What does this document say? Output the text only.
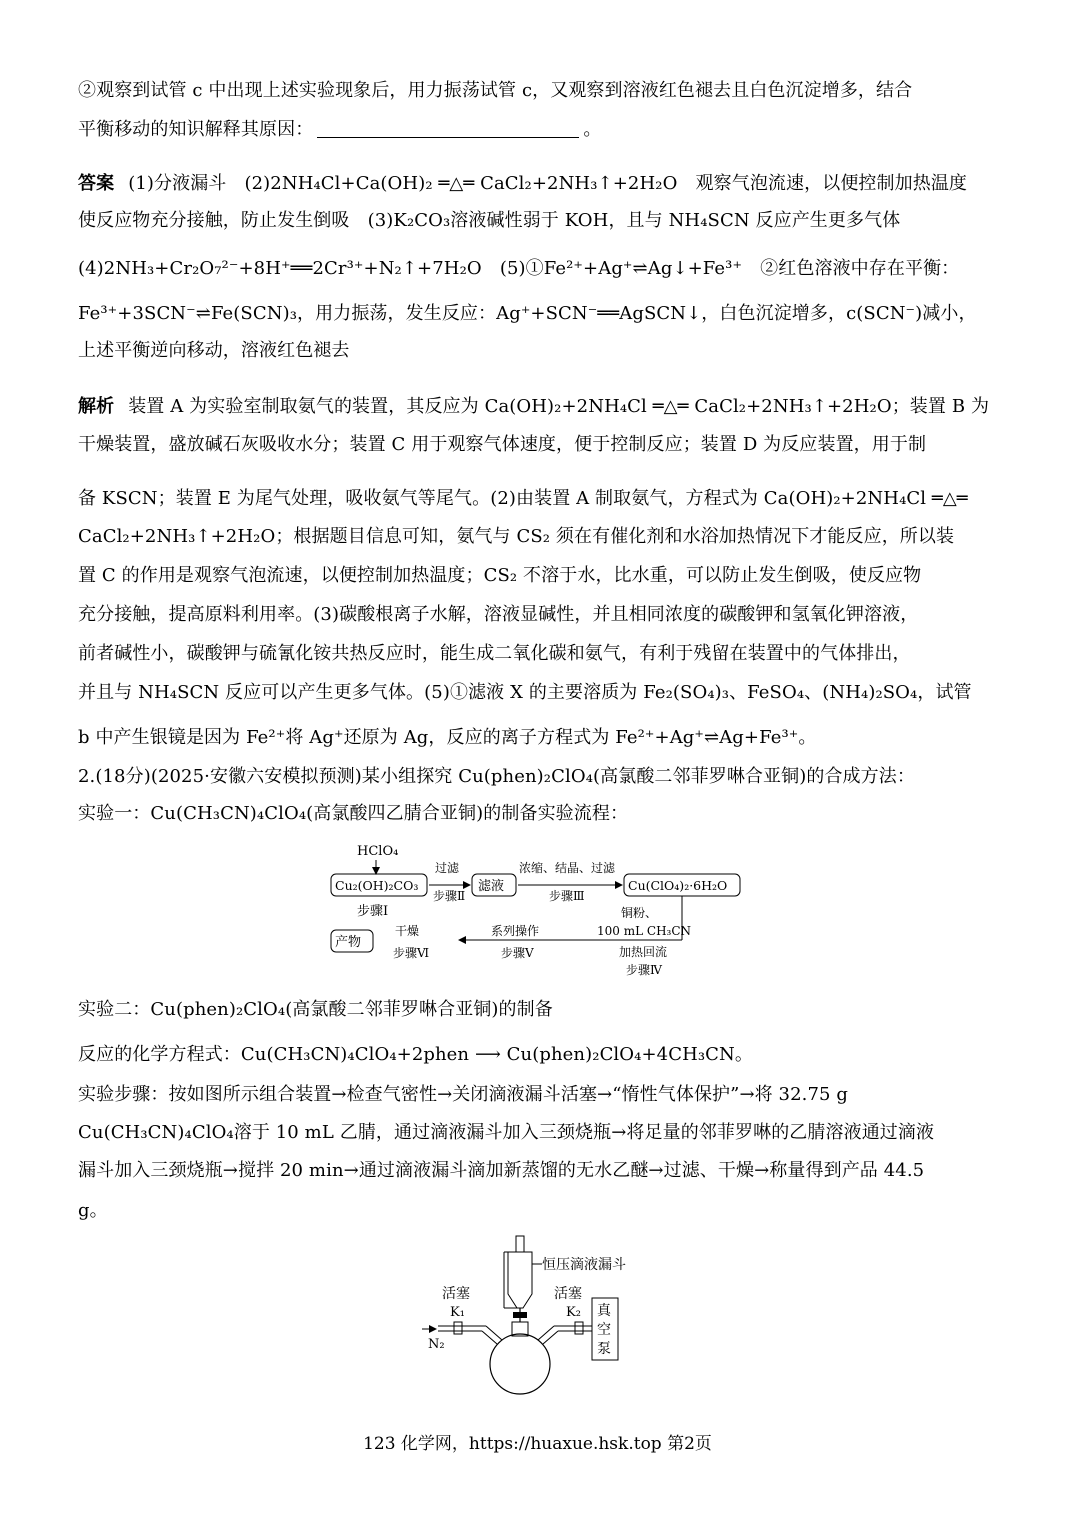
②观察到试管 c 中出现上述实验现象后，用力振荡试管 c，又观察到溶液红色褪去且白色沉淀增多，结合
平衡移动的知识解释其原因：	。
答案 (1)分液漏斗　(2)2NH₄Cl+Ca(OH)₂ ═△═ CaCl₂+2NH₃↑+2H₂O　观察气泡流速，以便控制加热温度
使反应物充分接触，防止发生倒吸　(3)K₂CO₃溶液碱性弱于 KOH，且与 NH₄SCN 反应产生更多气体
(4)2NH₃+Cr₂O₇²⁻+8H⁺══2Cr³⁺+N₂↑+7H₂O　(5)①Fe²⁺+Ag⁺⇌Ag↓+Fe³⁺　②红色溶液中存在平衡：
Fe³⁺+3SCN⁻⇌Fe(SCN)₃，用力振荡，发生反应：Ag⁺+SCN⁻══AgSCN↓，白色沉淀增多，c(SCN⁻)减小，
上述平衡逆向移动，溶液红色褪去
解析 装置 A 为实验室制取氨气的装置，其反应为 Ca(OH)₂+2NH₄Cl ═△═ CaCl₂+2NH₃↑+2H₂O；装置 B 为
干燥装置，盛放碱石灰吸收水分；装置 C 用于观察气体速度，便于控制反应；装置 D 为反应装置，用于制
备 KSCN；装置 E 为尾气处理，吸收氨气等尾气。(2)由装置 A 制取氨气，方程式为 Ca(OH)₂+2NH₄Cl ═△═
CaCl₂+2NH₃↑+2H₂O；根据题目信息可知，氨气与 CS₂ 须在有催化剂和水浴加热情况下才能反应，所以装
置 C 的作用是观察气泡流速，以便控制加热温度；CS₂ 不溶于水，比水重，可以防止发生倒吸，使反应物
充分接触，提高原料利用率。(3)碳酸根离子水解，溶液显碱性，并且相同浓度的碳酸钾和氢氧化钾溶液，
前者碱性小，碳酸钾与硫氰化铵共热反应时，能生成二氧化碳和氨气，有利于残留在装置中的气体排出，
并且与 NH₄SCN 反应可以产生更多气体。(5)①滤液 X 的主要溶质为 Fe₂(SO₄)₃、FeSO₄、(NH₄)₂SO₄，试管
b 中产生银镜是因为 Fe²⁺将 Ag⁺还原为 Ag，反应的离子方程式为 Fe²⁺+Ag⁺⇌Ag+Fe³⁺。
2.(18分)(2025·安徽六安模拟预测)某小组探究 Cu(phen)₂ClO₄(高氯酸二邻菲罗啉合亚铜)的合成方法：
实验一：Cu(CH₃CN)₄ClO₄(高氯酸四乙腈合亚铜)的制备实验流程：
HClO₄
Cu₂(OH)₂CO₃
步骤Ⅰ
过滤
步骤Ⅱ
滤液
浓缩、结晶、过滤
步骤Ⅲ
Cu(ClO₄)₂·6H₂O
铜粉、
100 mL CH₃CN
加热回流
步骤Ⅳ
系列操作
步骤Ⅴ
干燥
步骤Ⅵ
产物
实验二：Cu(phen)₂ClO₄(高氯酸二邻菲罗啉合亚铜)的制备
反应的化学方程式：Cu(CH₃CN)₄ClO₄+2phen ⟶ Cu(phen)₂ClO₄+4CH₃CN。
实验步骤：按如图所示组合装置→检查气密性→关闭滴液漏斗活塞→“惰性气体保护”→将 32.75 g
Cu(CH₃CN)₄ClO₄溶于 10 mL 乙腈，通过滴液漏斗加入三颈烧瓶→将足量的邻菲罗啉的乙腈溶液通过滴液
漏斗加入三颈烧瓶→搅拌 20 min→通过滴液漏斗滴加新蒸馏的无水乙醚→过滤、干燥→称量得到产品 44.5
g。
恒压滴液漏斗
活塞
K₁
N₂
活塞
K₂ 真
空
泵
123 化学网，https://huaxue.hsk.top 第2页
